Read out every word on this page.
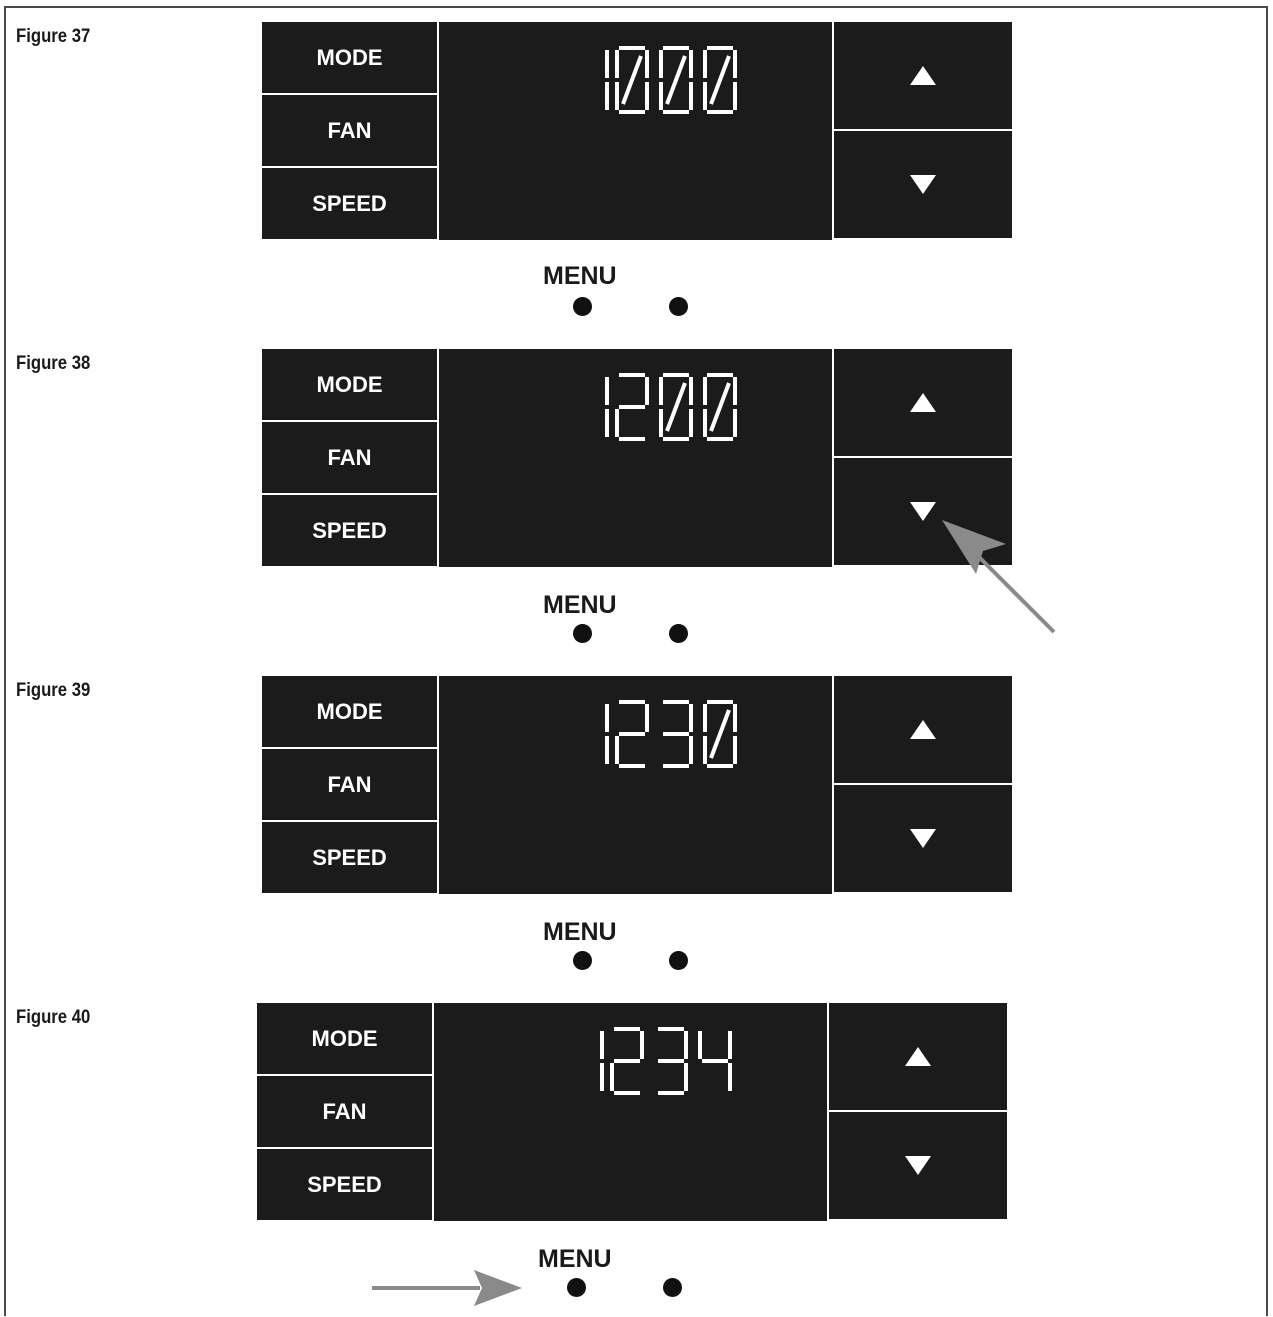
Figure 37
MODE
FAN
SPEED
MENU
Figure 38
MODE
FAN
SPEED
MENU
Figure 39
MODE
FAN
SPEED
MENU
Figure 40
MODE
FAN
SPEED
MENU
